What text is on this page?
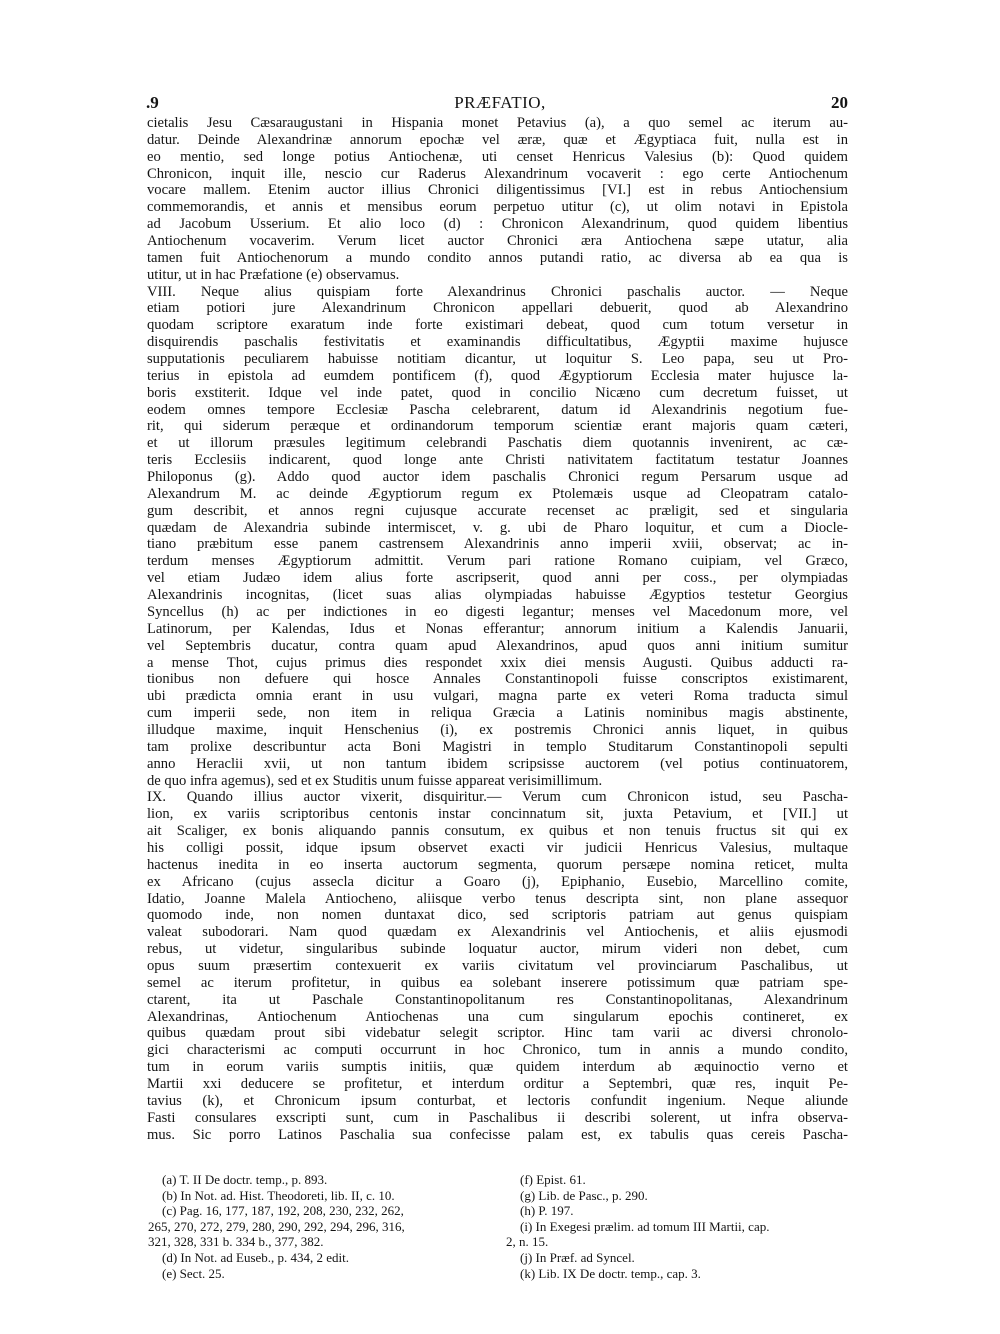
.9	PRÆFATIO,	20
cietalis Jesu Cæsaraugustani in Hispania monet Petavius (a), a quo semel ac iterum au-
datur. Deinde Alexandrinæ annorum epochæ vel æræ, quæ et Ægyptiaca fuit, nulla est in
eo mentio, sed longe potius Antiochenæ, uti censet Henricus Valesius (b): Quod quidem
Chronicon, inquit ille, nescio cur Raderus Alexandrinum vocaverit : ego certe Antiochenum
vocare mallem. Etenim auctor illius Chronici diligentissimus [VI.] est in rebus Antiochensium
commemorandis, et annis et mensibus eorum perpetuo utitur (c), ut olim notavi in Epistola
ad Jacobum Usserium. Et alio loco (d) : Chronicon Alexandrinum, quod quidem libentius
Antiochenum vocaverim. Verum licet auctor Chronici æra Antiochena sæpe utatur, alia
tamen fuit Antiochenorum a mundo condito annos putandi ratio, ac diversa ab ea qua is
utitur, ut in hac Præfatione (e) observamus.
VIII. Neque alius quispiam forte Alexandrinus Chronici paschalis auctor. — Neque
etiam potiori jure Alexandrinum Chronicon appellari debuerit, quod ab Alexandrino
quodam scriptore exaratum inde forte existimari debeat, quod cum totum versetur in
disquirendis paschalis festivitatis et examinandis difficultatibus, Ægyptii maxime hujusce
supputationis peculiarem habuisse notitiam dicantur, ut loquitur S. Leo papa, seu ut Pro-
terius in epistola ad eumdem pontificem (f), quod Ægyptiorum Ecclesia mater hujusce la-
boris exstiterit. Idque vel inde patet, quod in concilio Nicæno cum decretum fuisset, ut
eodem omnes tempore Ecclesiæ Pascha celebrarent, datum id Alexandrinis negotium fue-
rit, qui siderum peræque et ordinandorum temporum scientiæ erant majoris quam cæteri,
et ut illorum præsules legitimum celebrandi Paschatis diem quotannis invenirent, ac cæ-
teris Ecclesiis indicarent, quod longe ante Christi nativitatem factitatum testatur Joannes
Philoponus (g). Addo quod auctor idem paschalis Chronici regum Persarum usque ad
Alexandrum M. ac deinde Ægyptiorum regum ex Ptolemæis usque ad Cleopatram catalo-
gum describit, et annos regni cujusque accurate recenset ac præligit, sed et singularia
quædam de Alexandria subinde intermiscet, v. g. ubi de Pharo loquitur, et cum a Diocle-
tiano præbitum esse panem castrensem Alexandrinis anno imperii xviii, observat; ac in-
terdum menses Ægyptiorum admittit. Verum pari ratione Romano cuipiam, vel Græco,
vel etiam Judæo idem alius forte ascripserit, quod anni per coss., per olympiadas
Alexandrinis incognitas, (licet suas alias olympiadas habuisse Ægyptios testetur Georgius
Syncellus (h) ac per indictiones in eo digesti legantur; menses vel Macedonum more, vel
Latinorum, per Kalendas, Idus et Nonas efferantur; annorum initium a Kalendis Januarii,
vel Septembris ducatur, contra quam apud Alexandrinos, apud quos anni initium sumitur
a mense Thot, cujus primus dies respondet xxix diei mensis Augusti. Quibus adducti ra-
tionibus non defuere qui hosce Annales Constantinopoli fuisse conscriptos existimarent,
ubi prædicta omnia erant in usu vulgari, magna parte ex veteri Roma traducta simul
cum imperii sede, non item in reliqua Græcia a Latinis nominibus magis abstinente,
illudque maxime, inquit Henschenius (i), ex postremis Chronici annis liquet, in quibus
tam prolixe describuntur acta Boni Magistri in templo Studitarum Constantinopoli sepulti
anno Heraclii xvii, ut non tantum ibidem scripsisse auctorem (vel potius continuatorem,
de quo infra agemus), sed et ex Studitis unum fuisse appareat verisimillimum.
IX. Quando illius auctor vixerit, disquiritur.— Verum cum Chronicon istud, seu Pascha-
lion, ex variis scriptoribus centonis instar concinnatum sit, juxta Petavium, et [VII.] ut
ait Scaliger, ex bonis aliquando pannis consutum, ex quibus et non tenuis fructus sit qui ex
his colligi possit, idque ipsum observet exacti vir judicii Henricus Valesius, multaque
hactenus inedita in eo inserta auctorum segmenta, quorum persæpe nomina reticet, multa
ex Africano (cujus assecla dicitur a Goaro (j), Epiphanio, Eusebio, Marcellino comite,
Idatio, Joanne Malela Antiocheno, aliisque verbo tenus descripta sint, non plane assequor
quomodo inde, non nomen duntaxat dico, sed scriptoris patriam aut genus quispiam
valeat subodorari. Nam quod quædam ex Alexandrinis vel Antiochenis, et aliis ejusmodi
rebus, ut videtur, singularibus subinde loquatur auctor, mirum videri non debet, cum
opus suum præsertim contexuerit ex variis civitatum vel provinciarum Paschalibus, ut
semel ac iterum profitetur, in quibus ea solebant inserere potissimum quæ patriam spe-
ctarent, ita ut Paschale Constantinopolitanum res Constantinopolitanas, Alexandrinum
Alexandrinas, Antiochenum Antiochenas una cum singularum epochis contineret, ex
quibus quædam prout sibi videbatur selegit scriptor. Hinc tam varii ac diversi chronolo-
gici characterismi ac computi occurrunt in hoc Chronico, tum in annis a mundo condito,
tum in eorum variis sumptis initiis, quæ quidem interdum ab æquinoctio verno et
Martii xxi deducere se profitetur, et interdum orditur a Septembri, quæ res, inquit Pe-
tavius (k), et Chronicum ipsum conturbat, et lectoris confundit ingenium. Neque aliunde
Fasti consulares exscripti sunt, cum in Paschalibus ii describi solerent, ut infra observa-
mus. Sic porro Latinos Paschalia sua confecisse palam est, ex tabulis quas cereis Pascha-
(a) T. II De doctr. temp., p. 893.
(b) In Not. ad. Hist. Theodoreti, lib. II, c. 10.
(c) Pag. 16, 177, 187, 192, 208, 230, 232, 262,
265, 270, 272, 279, 280, 290, 292, 294, 296, 316,
321, 328, 331 b. 334 b., 377, 382.
(d) In Not. ad Euseb., p. 434, 2 edit.
(e) Sect. 25.
(f) Epist. 61.
(g) Lib. de Pasc., p. 290.
(h) P. 197.
(i) In Exegesi prælim. ad tomum III Martii, cap.
2, n. 15.
(j) In Præf. ad Syncel.
(k) Lib. IX De doctr. temp., cap. 3.
